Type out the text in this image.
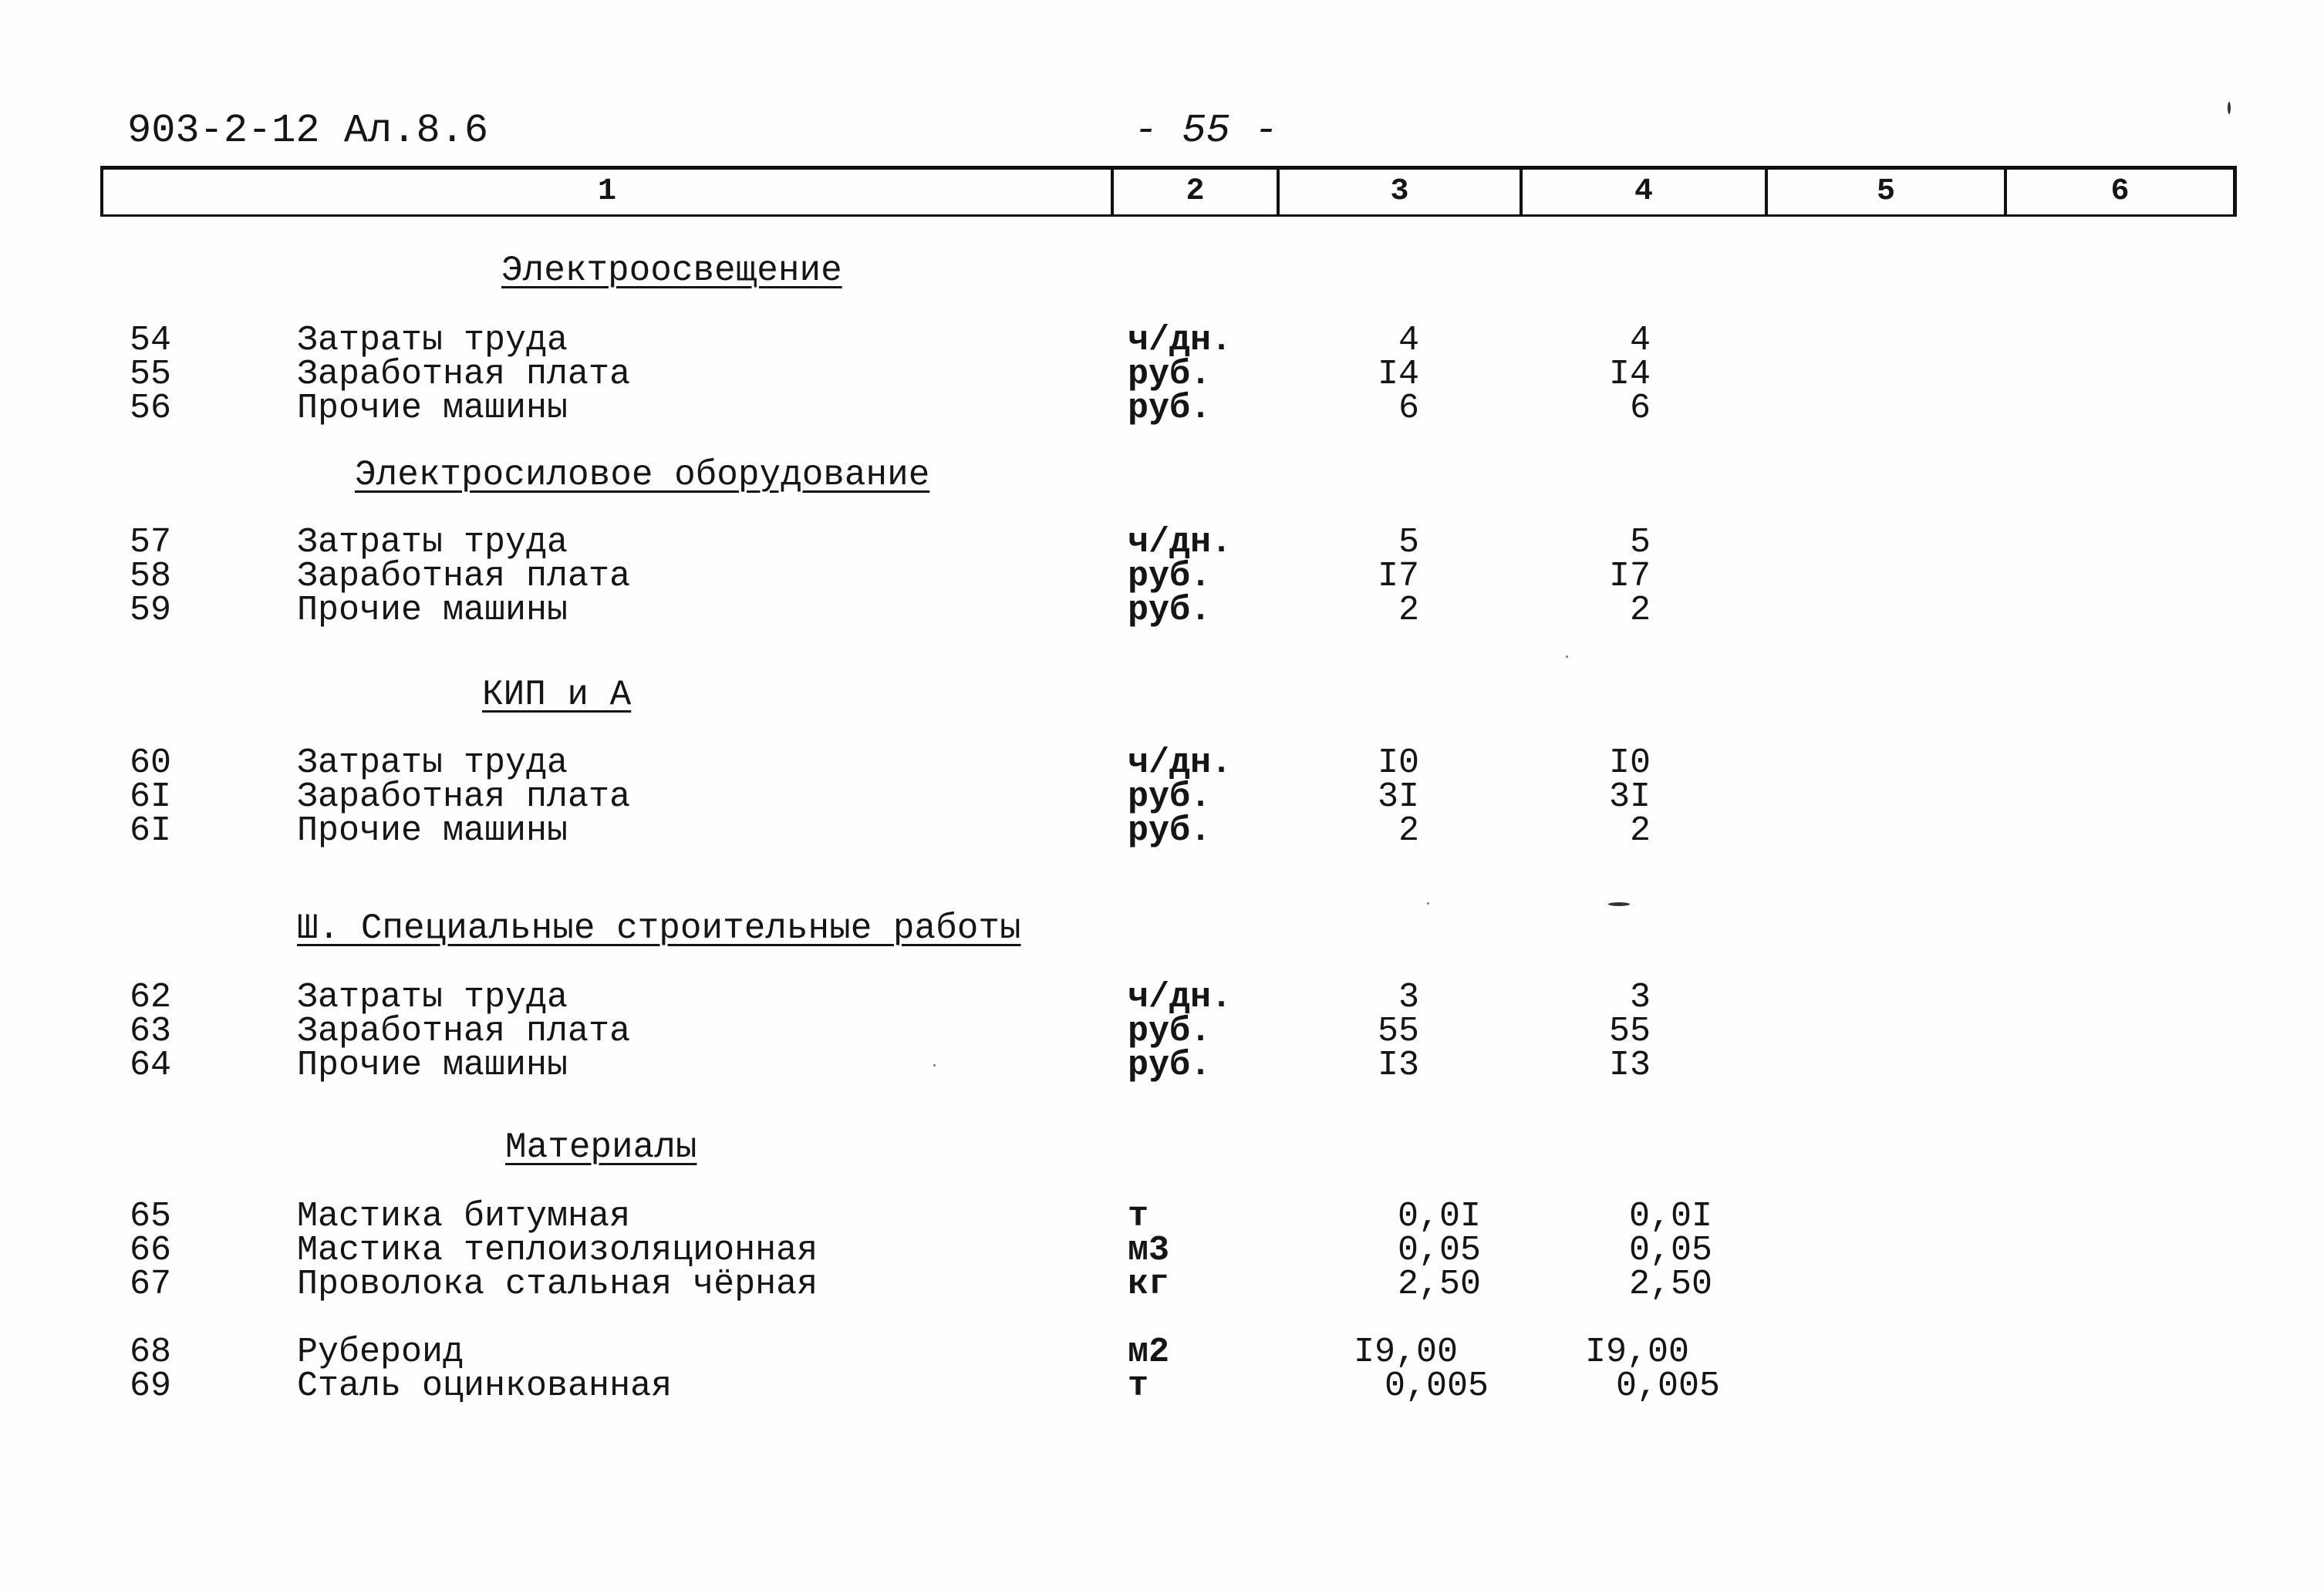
903-2-12 Ал.8.6	- 55 -
1	2	3	4	5	6
Электроосвещение
54	Затраты труда	ч/дн.	4	4
55	Заработная плата	руб.	I4	I4
56	Прочие машины	руб.	6	6
Электросиловое оборудование
57	Затраты труда	ч/дн.	5	5
58	Заработная плата	руб.	I7	I7
59	Прочие машины	руб.	2	2
КИП и А
60	Затраты труда	ч/дн.	I0	I0
6I	Заработная плата	руб.	3I	3I
6I	Прочие машины	руб.	2	2
Ш. Специальные строительные работы
62	Затраты труда	ч/дн.	3	3
63	Заработная плата	руб.	55	55
64	Прочие машины	руб.	I3	I3
Материалы
65	Мастика битумная	т	0,0I	0,0I
66	Мастика теплоизоляционная	м3	0,05	0,05
67	Проволока стальная чёрная	кг	2,50	2,50
68	Рубероид	м2	I9,00	I9,00
69	Сталь оцинкованная	т	0,005	0,005
